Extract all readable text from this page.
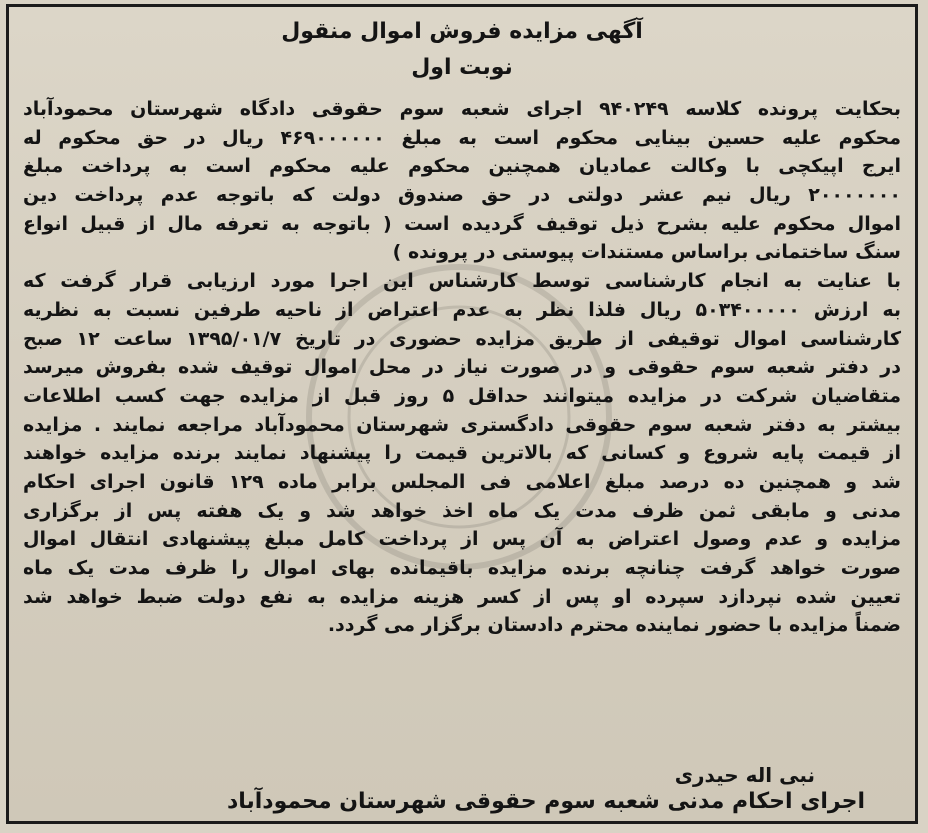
آگهی مزایده فروش اموال منقول
نوبت اول
بحکایت پرونده کلاسه ۹۴۰۲۴۹ اجرای شعبه سوم حقوقی دادگاه شهرستان محمودآباد
محکوم علیه حسین بینایی محکوم است به مبلغ ۴۶۹۰۰۰۰۰۰ ریال در حق محکوم له
ایرج اپیکچی با وکالت عمادیان همچنین محکوم علیه محکوم است به پرداخت مبلغ
۲۰۰۰۰۰۰۰ ریال نیم عشر دولتی در حق صندوق دولت که باتوجه عدم پرداخت دین
اموال محکوم علیه بشرح ذیل توقیف گردیده است ( باتوجه به تعرفه مال از قبیل انواع
سنگ ساختمانی براساس مستندات پیوستی در پرونده )
با عنایت به انجام کارشناسی توسط کارشناس این اجرا مورد ارزیابی قرار گرفت که
به ارزش ۵۰۳۴۰۰۰۰۰ ریال فلذا نظر به عدم اعتراض از ناحیه طرفین نسبت به نظریه
کارشناسی اموال توقیفی از طریق مزایده حضوری در تاریخ ۱۳۹۵/۰۱/۷ ساعت ۱۲ صبح
در دفتر شعبه سوم حقوقی و در صورت نیاز در محل اموال توقیف شده بفروش میرسد
متقاضیان شرکت در مزایده میتوانند حداقل ۵ روز قبل از مزایده جهت کسب اطلاعات
بیشتر به دفتر شعبه سوم حقوقی دادگستری شهرستان محمودآباد مراجعه نمایند . مزایده
از قیمت پایه شروع و کسانی که بالاترین قیمت را پیشنهاد نمایند برنده مزایده خواهند
شد و همچنین ده درصد مبلغ اعلامی فی المجلس برابر ماده ۱۲۹ قانون اجرای احکام
مدنی و مابقی ثمن ظرف مدت یک ماه اخذ خواهد شد و یک هفته پس از برگزاری
مزایده و عدم وصول اعتراض به آن پس از پرداخت کامل مبلغ پیشنهادی انتقال اموال
صورت خواهد گرفت چنانچه برنده مزایده باقیمانده بهای اموال را ظرف مدت یک ماه
تعیین شده نپردازد سپرده او پس از کسر هزینه مزایده به نفع دولت ضبط خواهد شد
ضمناً مزایده با حضور نماینده محترم دادستان برگزار می گردد.
نبی اله حیدری
اجرای احکام مدنی شعبه سوم حقوقی شهرستان محمودآباد
